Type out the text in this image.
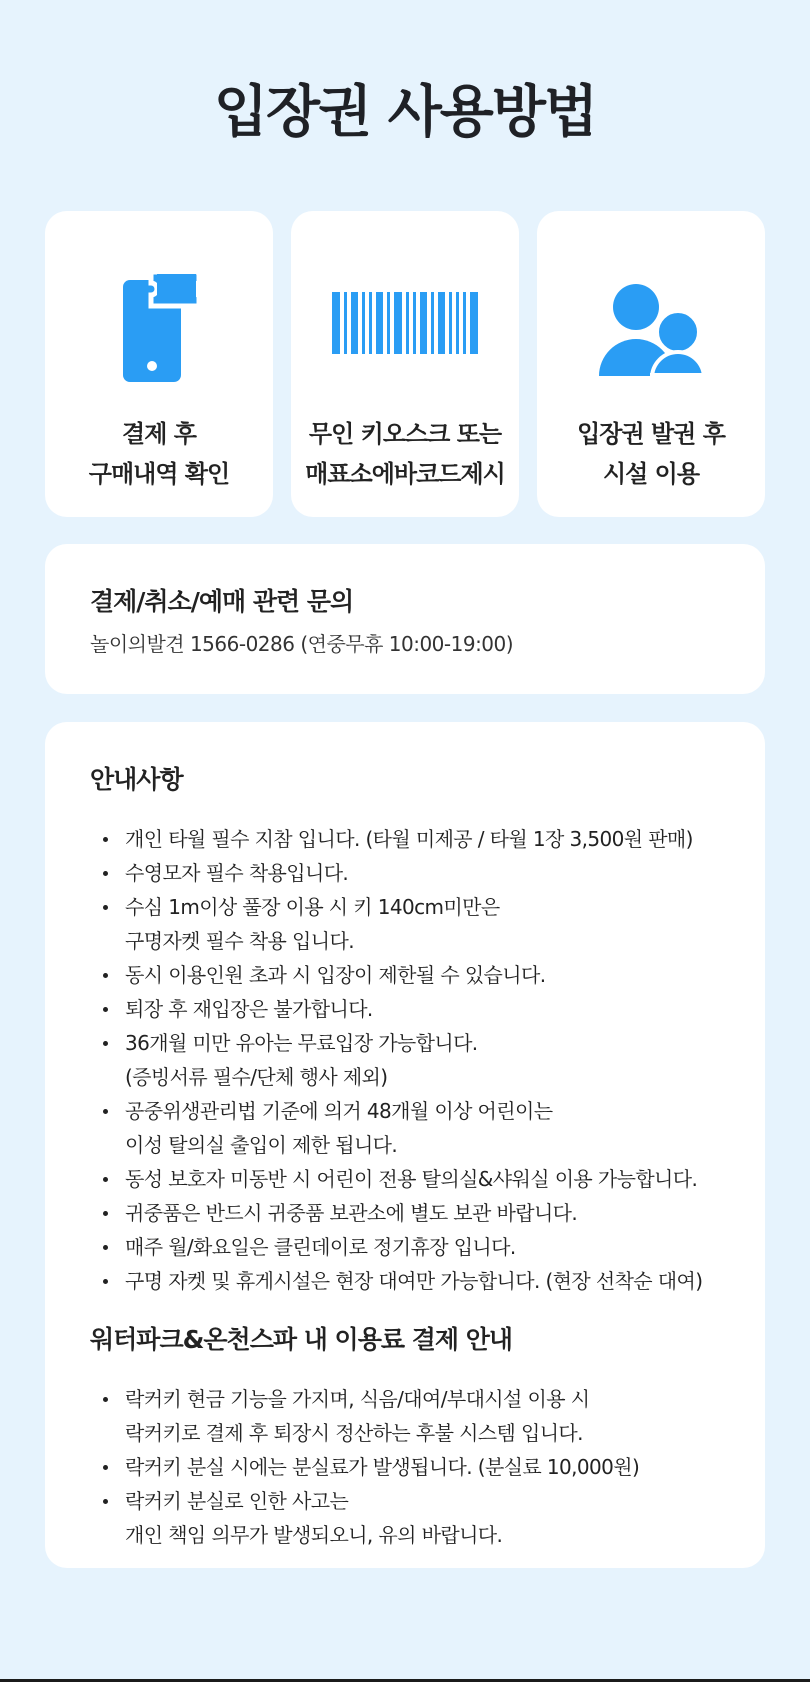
입장권 사용방법
결제 후
구매내역 확인
무인 키오스크 또는
매표소에바코드제시
입장권 발권 후
시설 이용
결제/취소/예매 관련 문의
놀이의발견 1566-0286 (연중무휴 10:00-19:00)
안내사항
개인 타월 필수 지참 입니다. (타월 미제공 / 타월 1장 3,500원 판매)
수영모자 필수 착용입니다.
수심 1m이상 풀장 이용 시 키 140cm미만은
구명자켓 필수 착용 입니다.
동시 이용인원 초과 시 입장이 제한될 수 있습니다.
퇴장 후 재입장은 불가합니다.
36개월 미만 유아는 무료입장 가능합니다.
(증빙서류 필수/단체 행사 제외)
공중위생관리법 기준에 의거 48개월 이상 어린이는
이성 탈의실 출입이 제한 됩니다.
동성 보호자 미동반 시 어린이 전용 탈의실&샤워실 이용 가능합니다.
귀중품은 반드시 귀중품 보관소에 별도 보관 바랍니다.
매주 월/화요일은 클린데이로 정기휴장 입니다.
구명 자켓 및 휴게시설은 현장 대여만 가능합니다. (현장 선착순 대여)
워터파크&온천스파 내 이용료 결제 안내
락커키 현금 기능을 가지며, 식음/대여/부대시설 이용 시
락커키로 결제 후 퇴장시 정산하는 후불 시스템 입니다.
락커키 분실 시에는 분실료가 발생됩니다. (분실료 10,000원)
락커키 분실로 인한 사고는
개인 책임 의무가 발생되오니, 유의 바랍니다.
